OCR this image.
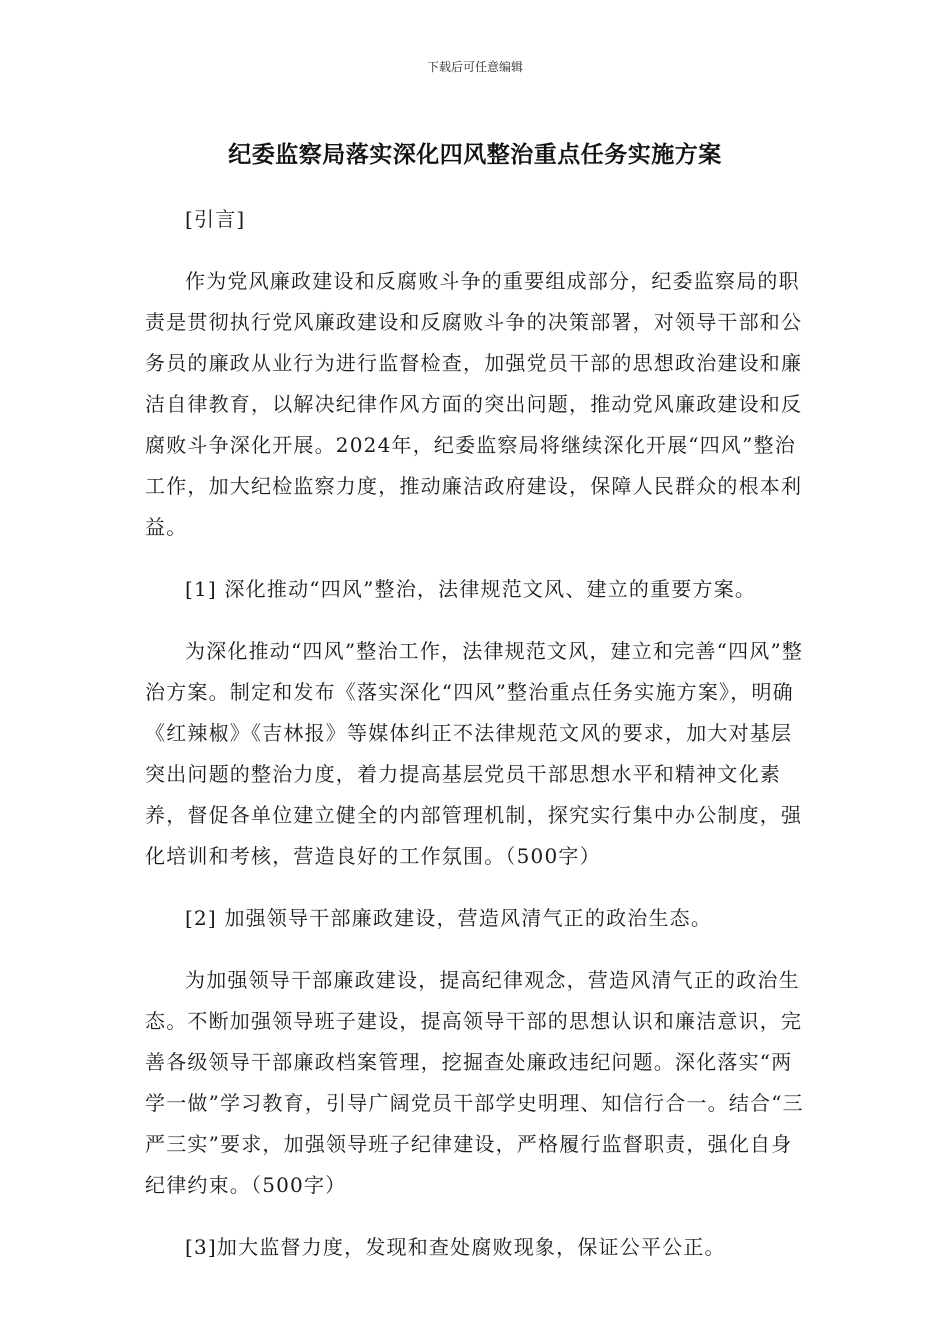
下载后可任意编辑
纪委监察局落实深化四风整治重点任务实施方案

[引言]

作为党风廉政建设和反腐败斗争的重要组成部分，纪委监察局的职责是贯彻执行党风廉政建设和反腐败斗争的决策部署，对领导干部和公务员的廉政从业行为进行监督检查，加强党员干部的思想政治建设和廉洁自律教育，以解决纪律作风方面的突出问题，推动党风廉政建设和反腐败斗争深化开展。2024年，纪委监察局将继续深化开展“四风”整治工作，加大纪检监察力度，推动廉洁政府建设，保障人民群众的根本利益。

[1] 深化推动“四风”整治，法律规范文风、建立的重要方案。

为深化推动“四风”整治工作，法律规范文风，建立和完善“四风”整治方案。制定和发布《落实深化“四风”整治重点任务实施方案》，明确《红辣椒》《吉林报》等媒体纠正不法律规范文风的要求，加大对基层突出问题的整治力度，着力提高基层党员干部思想水平和精神文化素养，督促各单位建立健全的内部管理机制，探究实行集中办公制度，强化培训和考核，营造良好的工作氛围。（500字）

[2] 加强领导干部廉政建设，营造风清气正的政治生态。

为加强领导干部廉政建设，提高纪律观念，营造风清气正的政治生态。不断加强领导班子建设，提高领导干部的思想认识和廉洁意识，完善各级领导干部廉政档案管理，挖掘查处廉政违纪问题。深化落实“两学一做”学习教育，引导广阔党员干部学史明理、知信行合一。结合“三严三实”要求，加强领导班子纪律建设，严格履行监督职责，强化自身纪律约束。（500字）

[3]加大监督力度，发现和查处腐败现象，保证公平公正。
